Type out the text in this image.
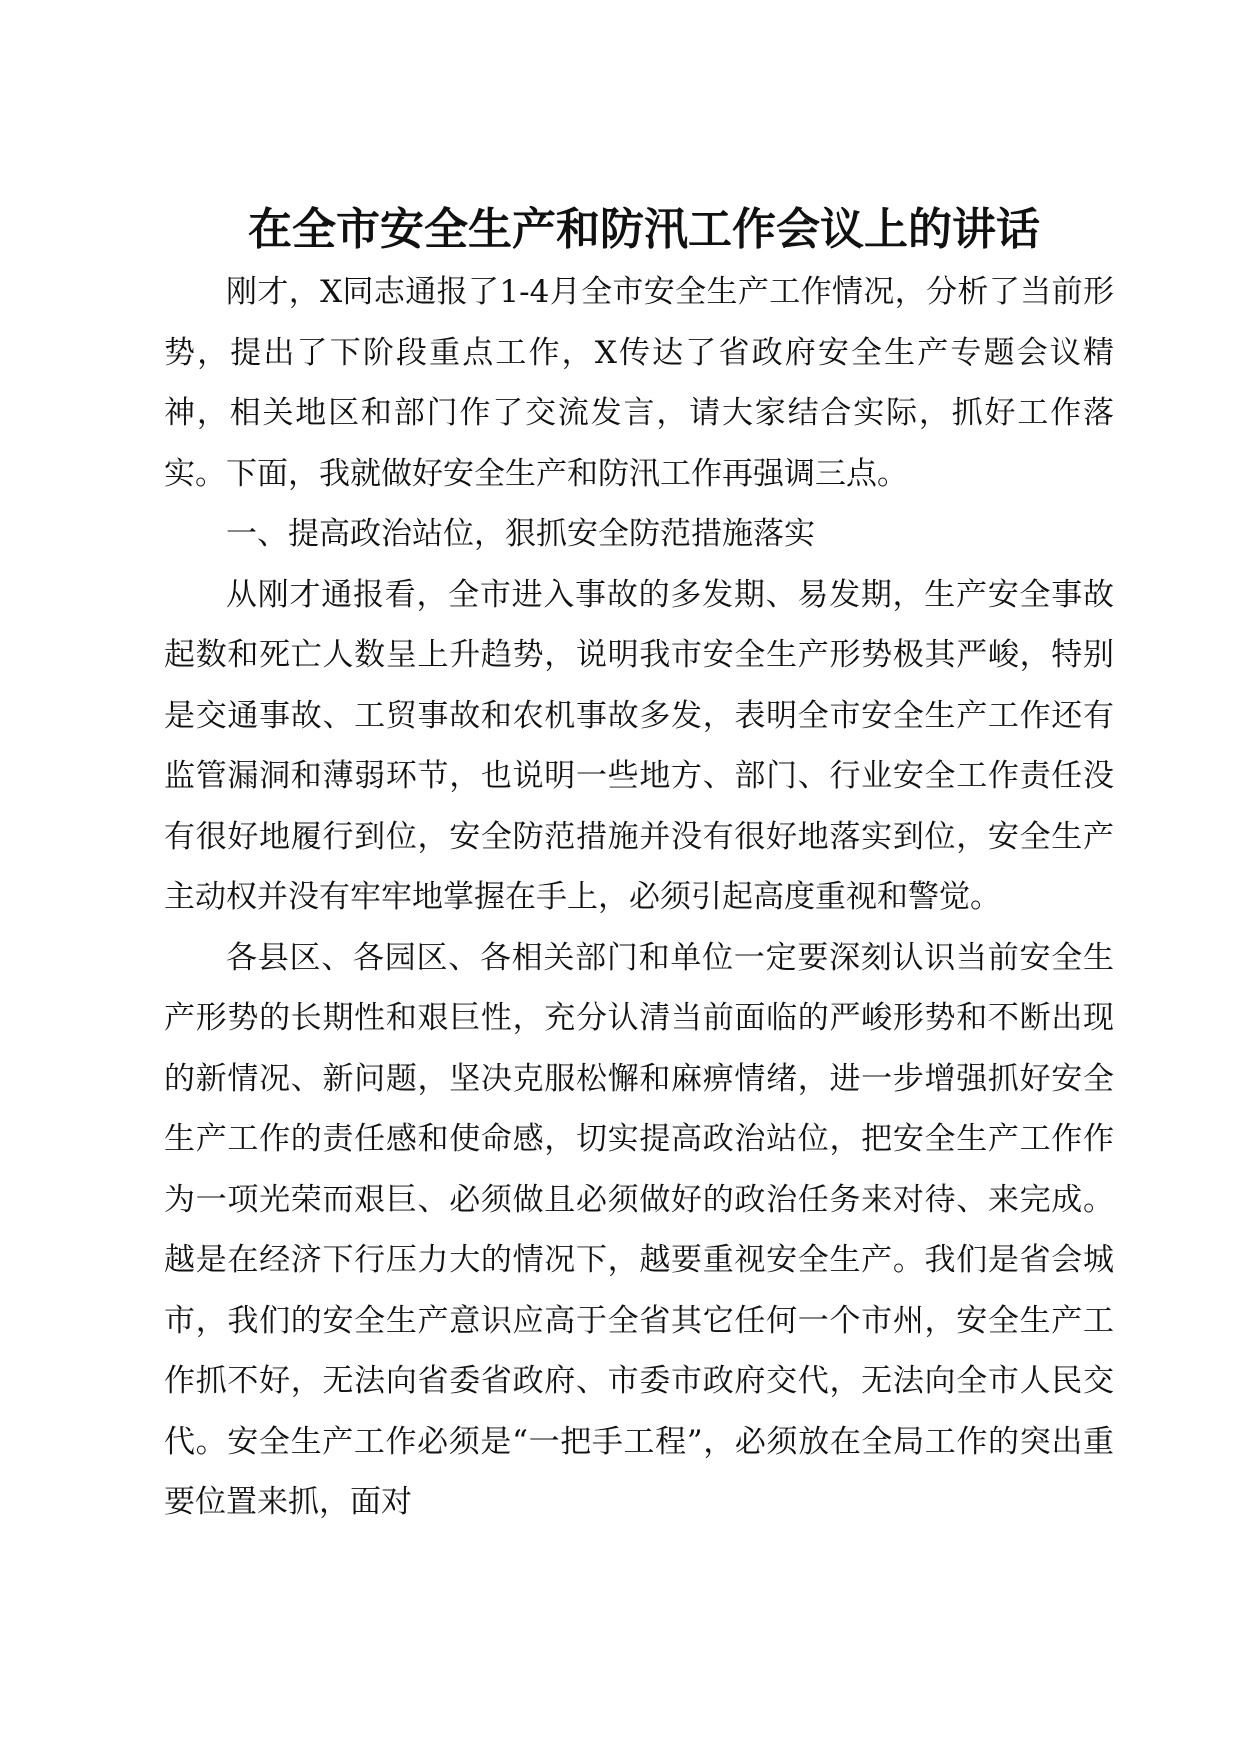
在全市安全生产和防汛工作会议上的讲话

刚才，X同志通报了1-4月全市安全生产工作情况，分析了当前形势，提出了下阶段重点工作，X传达了省政府安全生产专题会议精神，相关地区和部门作了交流发言，请大家结合实际，抓好工作落实。下面，我就做好安全生产和防汛工作再强调三点。

一、提高政治站位，狠抓安全防范措施落实

从刚才通报看，全市进入事故的多发期、易发期，生产安全事故起数和死亡人数呈上升趋势，说明我市安全生产形势极其严峻，特别是交通事故、工贸事故和农机事故多发，表明全市安全生产工作还有监管漏洞和薄弱环节，也说明一些地方、部门、行业安全工作责任没有很好地履行到位，安全防范措施并没有很好地落实到位，安全生产主动权并没有牢牢地掌握在手上，必须引起高度重视和警觉。

各县区、各园区、各相关部门和单位一定要深刻认识当前安全生产形势的长期性和艰巨性，充分认清当前面临的严峻形势和不断出现的新情况、新问题，坚决克服松懈和麻痹情绪，进一步增强抓好安全生产工作的责任感和使命感，切实提高政治站位，把安全生产工作作为一项光荣而艰巨、必须做且必须做好的政治任务来对待、来完成。越是在经济下行压力大的情况下，越要重视安全生产。我们是省会城市，我们的安全生产意识应高于全省其它任何一个市州，安全生产工作抓不好，无法向省委省政府、市委市政府交代，无法向全市人民交代。安全生产工作必须是“一把手工程”，必须放在全局工作的突出重要位置来抓，面对
